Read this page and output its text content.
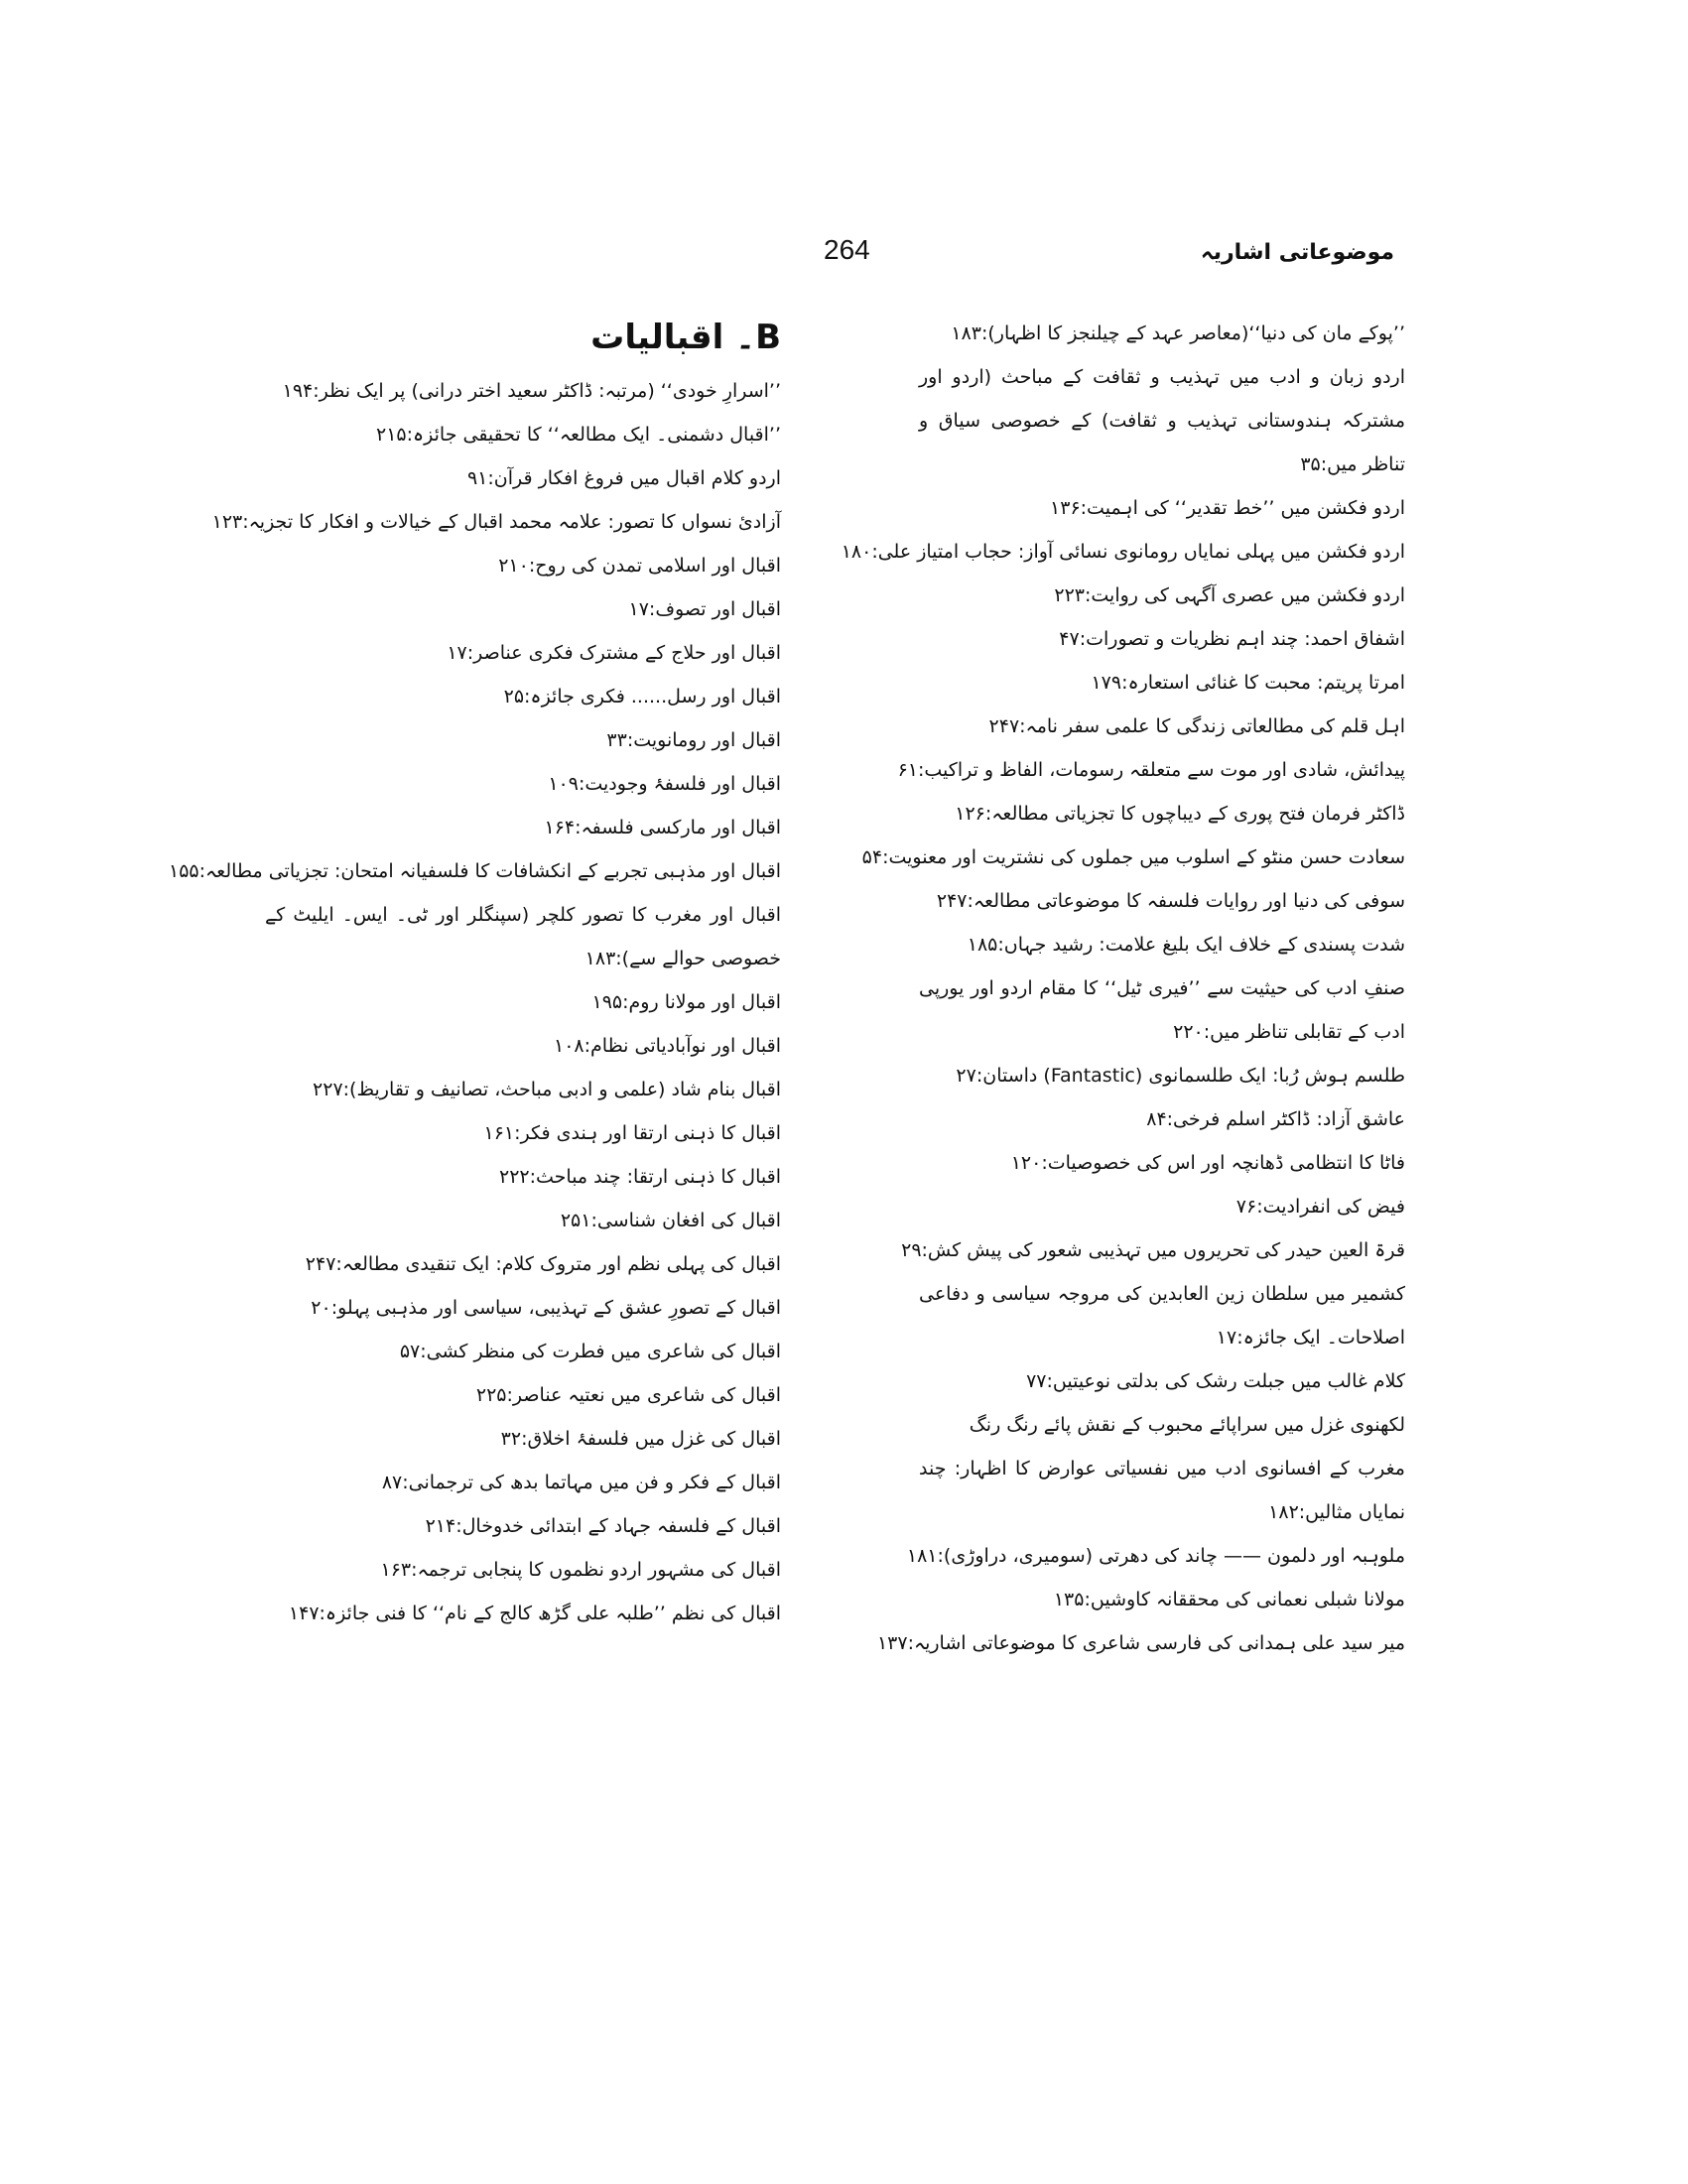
موضوعاتی اشاریہ
264
’’پوکے مان کی دنیا‘‘(معاصر عہد کے چیلنجز کا اظہار):۱۸۳
اردو زبان و ادب میں تہذیب و ثقافت کے مباحث (اردو اور مشترکہ ہندوستانی تہذیب و ثقافت) کے خصوصی سیاق و تناظر میں:۳۵
اردو فکشن میں ’’خط تقدیر‘‘ کی اہمیت:۱۳۶
اردو فکشن میں پہلی نمایاں رومانوی نسائی آواز: حجاب امتیاز علی:۱۸۰
اردو فکشن میں عصری آگہی کی روایت:۲۲۳
اشفاق احمد: چند اہم نظریات و تصورات:۴۷
امرتا پریتم: محبت کا غنائی استعارہ:۱۷۹
اہل قلم کی مطالعاتی زندگی کا علمی سفر نامہ:۲۴۷
پیدائش، شادی اور موت سے متعلقہ رسومات، الفاظ و تراکیب:۶۱
ڈاکٹر فرمان فتح پوری کے دیباچوں کا تجزیاتی مطالعہ:۱۲۶
سعادت حسن منٹو کے اسلوب میں جملوں کی نشتریت اور معنویت:۵۴
سوفی کی دنیا اور روایات فلسفہ کا موضوعاتی مطالعہ:۲۴۷
شدت پسندی کے خلاف ایک بلیغ علامت: رشید جہاں:۱۸۵
صنفِ ادب کی حیثیت سے ’’فیری ٹیل‘‘ کا مقام اردو اور یورپی ادب کے تقابلی تناظر میں:۲۲۰
طلسم ہوش رُبا: ایک طلسمانوی (Fantastic) داستان:۲۷
عاشق آزاد: ڈاکٹر اسلم فرخی:۸۴
فاٹا کا انتظامی ڈھانچہ اور اس کی خصوصیات:۱۲۰
فیض کی انفرادیت:۷۶
قرۃ العین حیدر کی تحریروں میں تہذیبی شعور کی پیش کش:۲۹
کشمیر میں سلطان زین العابدین کی مروجہ سیاسی و دفاعی اصلاحات۔ ایک جائزہ:۱۷
کلام غالب میں جبلت رشک کی بدلتی نوعیتیں:۷۷
لکھنوی غزل میں سراپائے محبوب کے نقش پائے رنگ رنگ
مغرب کے افسانوی ادب میں نفسیاتی عوارض کا اظہار: چند نمایاں مثالیں:۱۸۲
ملوہبہ اور دلمون —— چاند کی دھرتی (سومیری، دراوڑی):۱۸۱
مولانا شبلی نعمانی کی محققانہ کاوشیں:۱۳۵
میر سید علی ہمدانی کی فارسی شاعری کا موضوعاتی اشاریہ:۱۳۷
B۔ اقبالیات
’’اسرارِ خودی‘‘ (مرتبہ: ڈاکٹر سعید اختر درانی) پر ایک نظر:۱۹۴
’’اقبال دشمنی۔ ایک مطالعہ‘‘ کا تحقیقی جائزہ:۲۱۵
اردو کلام اقبال میں فروغ افکار قرآن:۹۱
آزادیٔ نسواں کا تصور: علامہ محمد اقبال کے خیالات و افکار کا تجزیہ:۱۲۳
اقبال اور اسلامی تمدن کی روح:۲۱۰
اقبال اور تصوف:۱۷
اقبال اور حلاج کے مشترک فکری عناصر:۱۷
اقبال اور رسل...... فکری جائزہ:۲۵
اقبال اور رومانویت:۳۳
اقبال اور فلسفۂ وجودیت:۱۰۹
اقبال اور مارکسی فلسفہ:۱۶۴
اقبال اور مذہبی تجربے کے انکشافات کا فلسفیانہ امتحان: تجزیاتی مطالعہ:۱۵۵
اقبال اور مغرب کا تصور کلچر (سپنگلر اور ٹی۔ ایس۔ ایلیٹ کے خصوصی حوالے سے):۱۸۳
اقبال اور مولانا روم:۱۹۵
اقبال اور نوآبادیاتی نظام:۱۰۸
اقبال بنام شاد (علمی و ادبی مباحث، تصانیف و تقاریظ):۲۲۷
اقبال کا ذہنی ارتقا اور ہندی فکر:۱۶۱
اقبال کا ذہنی ارتقا: چند مباحث:۲۲۲
اقبال کی افغان شناسی:۲۵۱
اقبال کی پہلی نظم اور متروک کلام: ایک تنقیدی مطالعہ:۲۴۷
اقبال کے تصورِ عشق کے تہذیبی، سیاسی اور مذہبی پہلو:۲۰
اقبال کی شاعری میں فطرت کی منظر کشی:۵۷
اقبال کی شاعری میں نعتیہ عناصر:۲۲۵
اقبال کی غزل میں فلسفۂ اخلاق:۳۲
اقبال کے فکر و فن میں مہاتما بدھ کی ترجمانی:۸۷
اقبال کے فلسفہ جہاد کے ابتدائی خدوخال:۲۱۴
اقبال کی مشہور اردو نظموں کا پنجابی ترجمہ:۱۶۳
اقبال کی نظم ’’طلبہ علی گڑھ کالج کے نام‘‘ کا فنی جائزہ:۱۴۷
